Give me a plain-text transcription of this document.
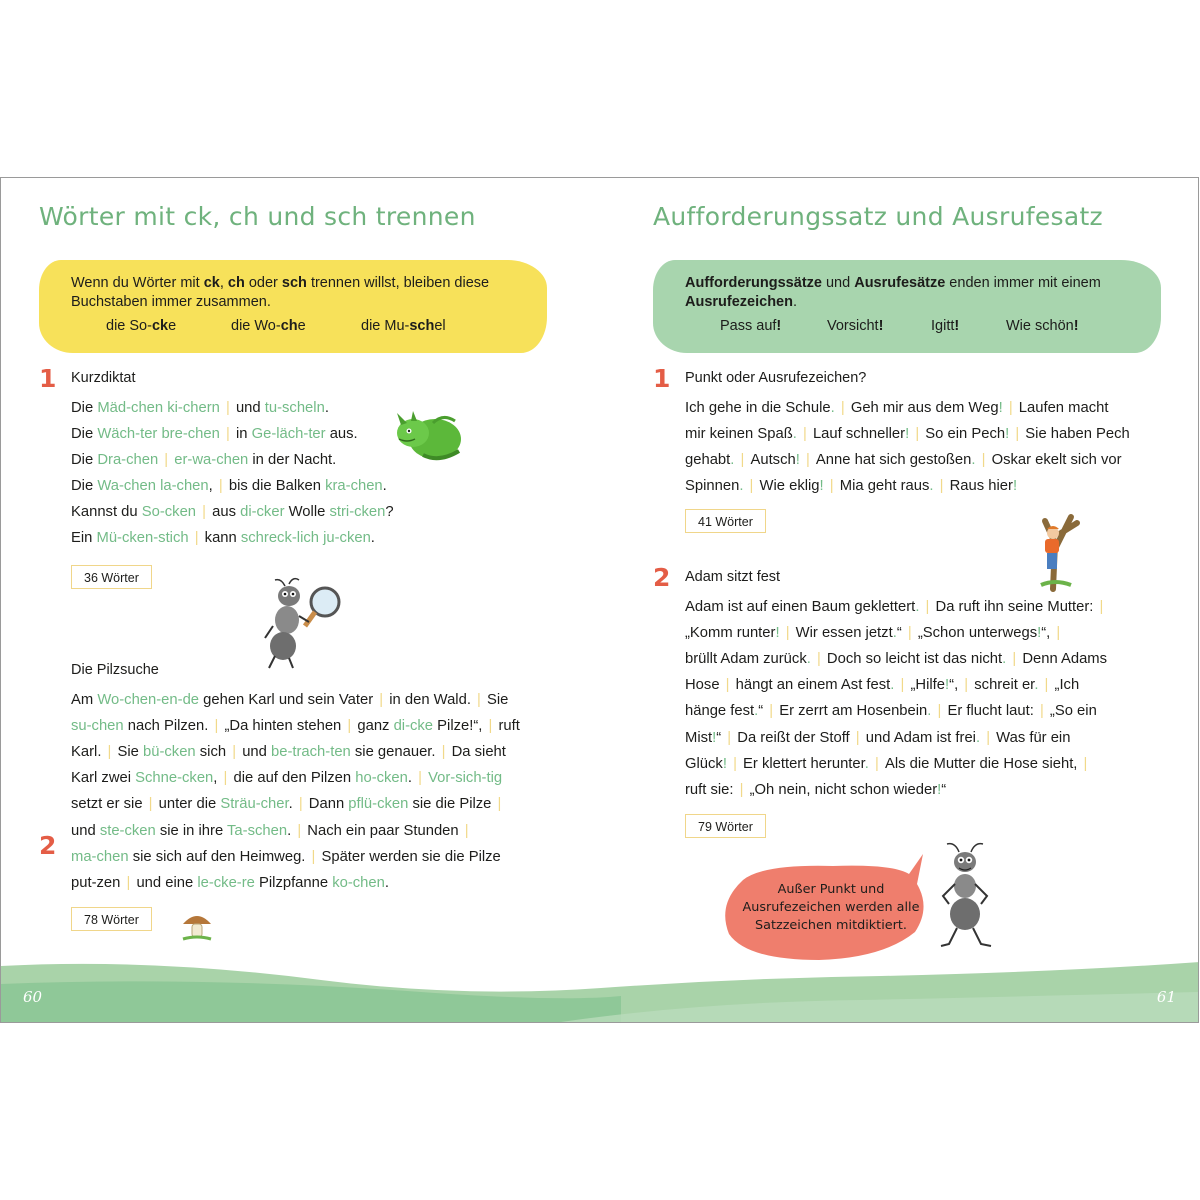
Wörter mit ck, ch und sch trennen
Wenn du Wörter mit ck, ch oder sch trennen willst, bleiben diese Buchstaben immer zusammen.
die So-cke	die Wo-che	die Mu-schel
1 Kurzdiktat
Die Mäd-chen ki-chern | und tu-scheln.
Die Wäch-ter bre-chen | in Ge-läch-ter aus.
Die Dra-chen | er-wa-chen in der Nacht.
Die Wa-chen la-chen, | bis die Balken kra-chen.
Kannst du So-cken | aus di-cker Wolle stri-cken?
Ein Mü-cken-stich | kann schreck-lich ju-cken.
36 Wörter
2
Die Pilzsuche
Am Wo-chen-en-de gehen Karl und sein Vater | in den Wald. | Sie
su-chen nach Pilzen. | „Da hinten stehen | ganz di-cke Pilze!“, | ruft
Karl. | Sie bü-cken sich | und be-trach-ten sie genauer. | Da sieht
Karl zwei Schne-cken, | die auf den Pilzen ho-cken. | Vor-sich-tig
setzt er sie | unter die Sträu-cher. | Dann pflü-cken sie die Pilze |
und ste-cken sie in ihre Ta-schen. | Nach ein paar Stunden |
ma-chen sie sich auf den Heimweg. | Später werden sie die Pilze
put-zen | und eine le-cke-re Pilzpfanne ko-chen.
78 Wörter
Aufforderungssatz und Ausrufesatz
Aufforderungssätze und Ausrufesätze enden immer mit einem Ausrufezeichen.
Pass auf!	Vorsicht!	Igitt!	Wie schön!
1 Punkt oder Ausrufezeichen?
Ich gehe in die Schule. | Geh mir aus dem Weg! | Laufen macht
mir keinen Spaß. | Lauf schneller! | So ein Pech! | Sie haben Pech
gehabt. | Autsch! | Anne hat sich gestoßen. | Oskar ekelt sich vor
Spinnen. | Wie eklig! | Mia geht raus. | Raus hier!
41 Wörter
2 Adam sitzt fest
Adam ist auf einen Baum geklettert. | Da ruft ihn seine Mutter: |
„Komm runter! | Wir essen jetzt.“ | „Schon unterwegs!“, |
brüllt Adam zurück. | Doch so leicht ist das nicht. | Denn Adams
Hose | hängt an einem Ast fest. | „Hilfe!“, | schreit er. | „Ich
hänge fest.“ | Er zerrt am Hosenbein. | Er flucht laut: | „So ein
Mist!“ | Da reißt der Stoff | und Adam ist frei. | Was für ein
Glück! | Er klettert herunter. | Als die Mutter die Hose sieht, |
ruft sie: | „Oh nein, nicht schon wieder!“
79 Wörter
Außer Punkt und Ausrufezeichen werden alle Satzzeichen mitdiktiert.
60	61
